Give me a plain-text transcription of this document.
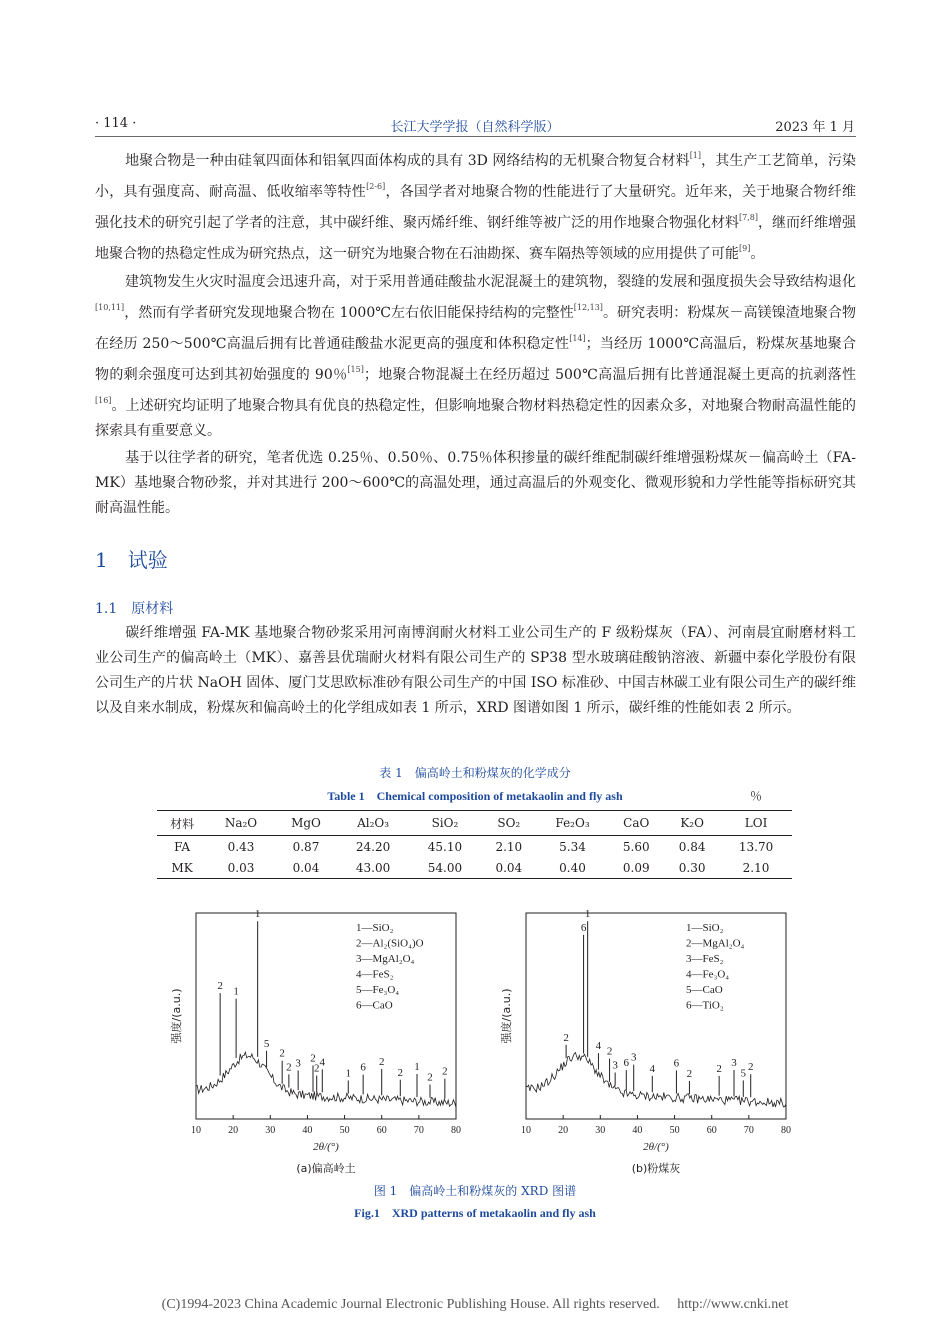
· 114 ·	长江大学学报（自然科学版）	2023 年 1 月

地聚合物是一种由硅氧四面体和铝氧四面体构成的具有 3D 网络结构的无机聚合物复合材料[1]，其生产工艺简单，污染小，具有强度高、耐高温、低收缩率等特性[2-6]，各国学者对地聚合物的性能进行了大量研究。近年来，关于地聚合物纤维强化技术的研究引起了学者的注意，其中碳纤维、聚丙烯纤维、钢纤维等被广泛的用作地聚合物强化材料[7,8]，继而纤维增强地聚合物的热稳定性成为研究热点，这一研究为地聚合物在石油勘探、赛车隔热等领域的应用提供了可能[9]。

建筑物发生火灾时温度会迅速升高，对于采用普通硅酸盐水泥混凝土的建筑物，裂缝的发展和强度损失会导致结构退化[10,11]，然而有学者研究发现地聚合物在 1000℃左右依旧能保持结构的完整性[12,13]。研究表明：粉煤灰－高镁镍渣地聚合物在经历 250～500℃高温后拥有比普通硅酸盐水泥更高的强度和体积稳定性[14]；当经历 1000℃高温后，粉煤灰基地聚合物的剩余强度可达到其初始强度的 90％[15]；地聚合物混凝土在经历超过 500℃高温后拥有比普通混凝土更高的抗剥落性[16]。上述研究均证明了地聚合物具有优良的热稳定性，但影响地聚合物材料热稳定性的因素众多，对地聚合物耐高温性能的探索具有重要意义。

基于以往学者的研究，笔者优选 0.25％、0.50％、0.75％体积掺量的碳纤维配制碳纤维增强粉煤灰－偏高岭土（FA-MK）基地聚合物砂浆，并对其进行 200～600℃的高温处理，通过高温后的外观变化、微观形貌和力学性能等指标研究其耐高温性能。

1　试验
1.1　原材料

碳纤维增强 FA-MK 基地聚合物砂浆采用河南博润耐火材料工业公司生产的 F 级粉煤灰（FA）、河南晨宜耐磨材料工业公司生产的偏高岭土（MK）、嘉善县优瑞耐火材料有限公司生产的 SP38 型水玻璃硅酸钠溶液、新疆中泰化学股份有限公司生产的片状 NaOH 固体、厦门艾思欧标准砂有限公司生产的中国 ISO 标准砂、中国吉林碳工业有限公司生产的碳纤维以及自来水制成，粉煤灰和偏高岭土的化学组成如表 1 所示，XRD 图谱如图 1 所示，碳纤维的性能如表 2 所示。

表 1　偏高岭土和粉煤灰的化学成分
Table 1　Chemical composition of metakaolin and fly ash	％
材料	Na₂O	MgO	Al₂O₃	SiO₂	SO₂	Fe₂O₃	CaO	K₂O	LOI
FA	0.43	0.87	24.20	45.10	2.10	5.34	5.60	0.84	13.70
MK	0.03	0.04	43.00	54.00	0.04	0.40	0.09	0.30	2.10
2 1
1
5
2
2 3 2
2
4
1 6 2
2 1
2 2
10	20	30	40	50	60	70	80
2θ/(°)
(a)偏高岭土
强度/(a.u.)
1—SiO₂
2—Al₂(SiO₄)O
3—MgAl₂O₄
4—FeS₂
5—Fe₃O₄
6—CaO
2
6
1
4 2
3 6 3
4 6
2 2 3
5
2
10	20	30	40	50	60	70	80
2θ/(°)
(b)粉煤灰
强度/(a.u.)
1—SiO₂
2—MgAl₂O₄
3—FeS₂
4—Fe₃O₄
5—CaO
6—TiO₂
图 1　偏高岭土和粉煤灰的 XRD 图谱
Fig.1　XRD patterns of metakaolin and fly ash
(C)1994-2023 China Academic Journal Electronic Publishing House. All rights reserved. http://www.cnki.net
